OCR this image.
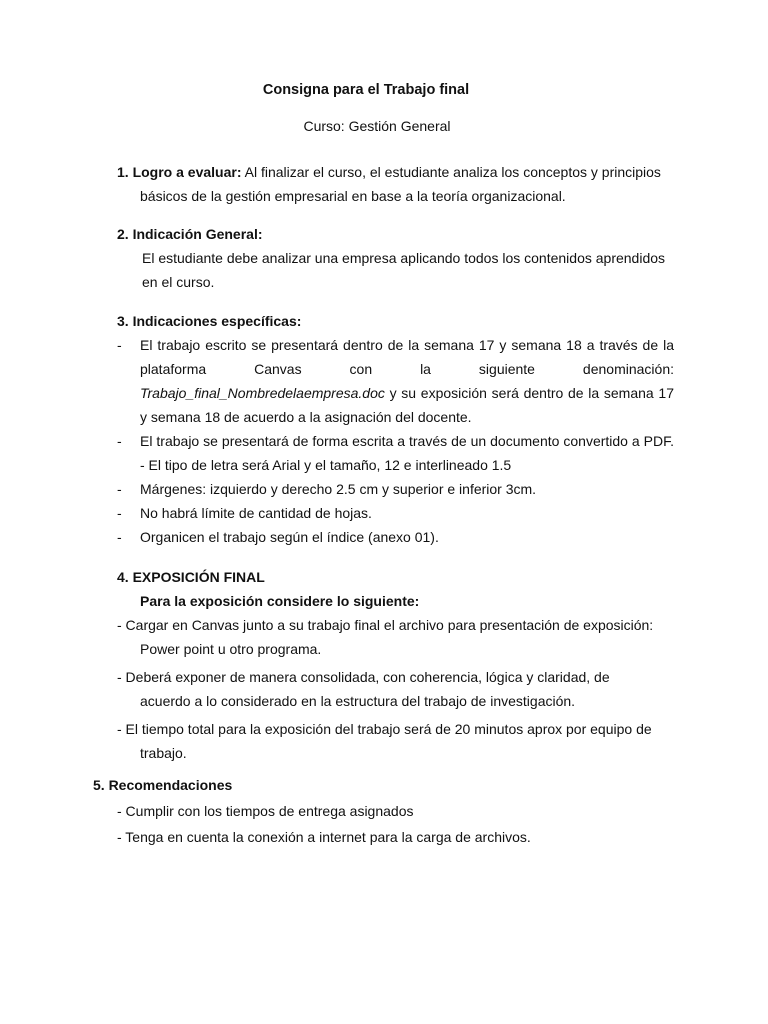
Consigna para el Trabajo final
Curso: Gestión General
1. Logro a evaluar: Al finalizar el curso, el estudiante analiza los conceptos y principios
básicos de la gestión empresarial en base a la teoría organizacional.
2. Indicación General:
El estudiante debe analizar una empresa aplicando todos los contenidos aprendidos en el curso.
3. Indicaciones específicas:
- El trabajo escrito se presentará dentro de la semana 17 y semana 18 a través de la plataforma Canvas con la siguiente denominación: Trabajo_final_Nombredelaempresa.doc y su exposición será dentro de la semana 17 y semana 18 de acuerdo a la asignación del docente.
- El trabajo se presentará de forma escrita a través de un documento convertido a PDF. - El tipo de letra será Arial y el tamaño, 12 e interlineado 1.5
- Márgenes: izquierdo y derecho 2.5 cm y superior e inferior 3cm.
- No habrá límite de cantidad de hojas.
- Organicen el trabajo según el índice (anexo 01).
4. EXPOSICIÓN FINAL
Para la exposición considere lo siguiente:
- Cargar en Canvas junto a su trabajo final el archivo para presentación de exposición: Power point u otro programa.
- Deberá exponer de manera consolidada, con coherencia, lógica y claridad, de acuerdo a lo considerado en la estructura del trabajo de investigación.
- El tiempo total para la exposición del trabajo será de 20 minutos aprox por equipo de trabajo.
5. Recomendaciones
- Cumplir con los tiempos de entrega asignados
- Tenga en cuenta la conexión a internet para la carga de archivos.
